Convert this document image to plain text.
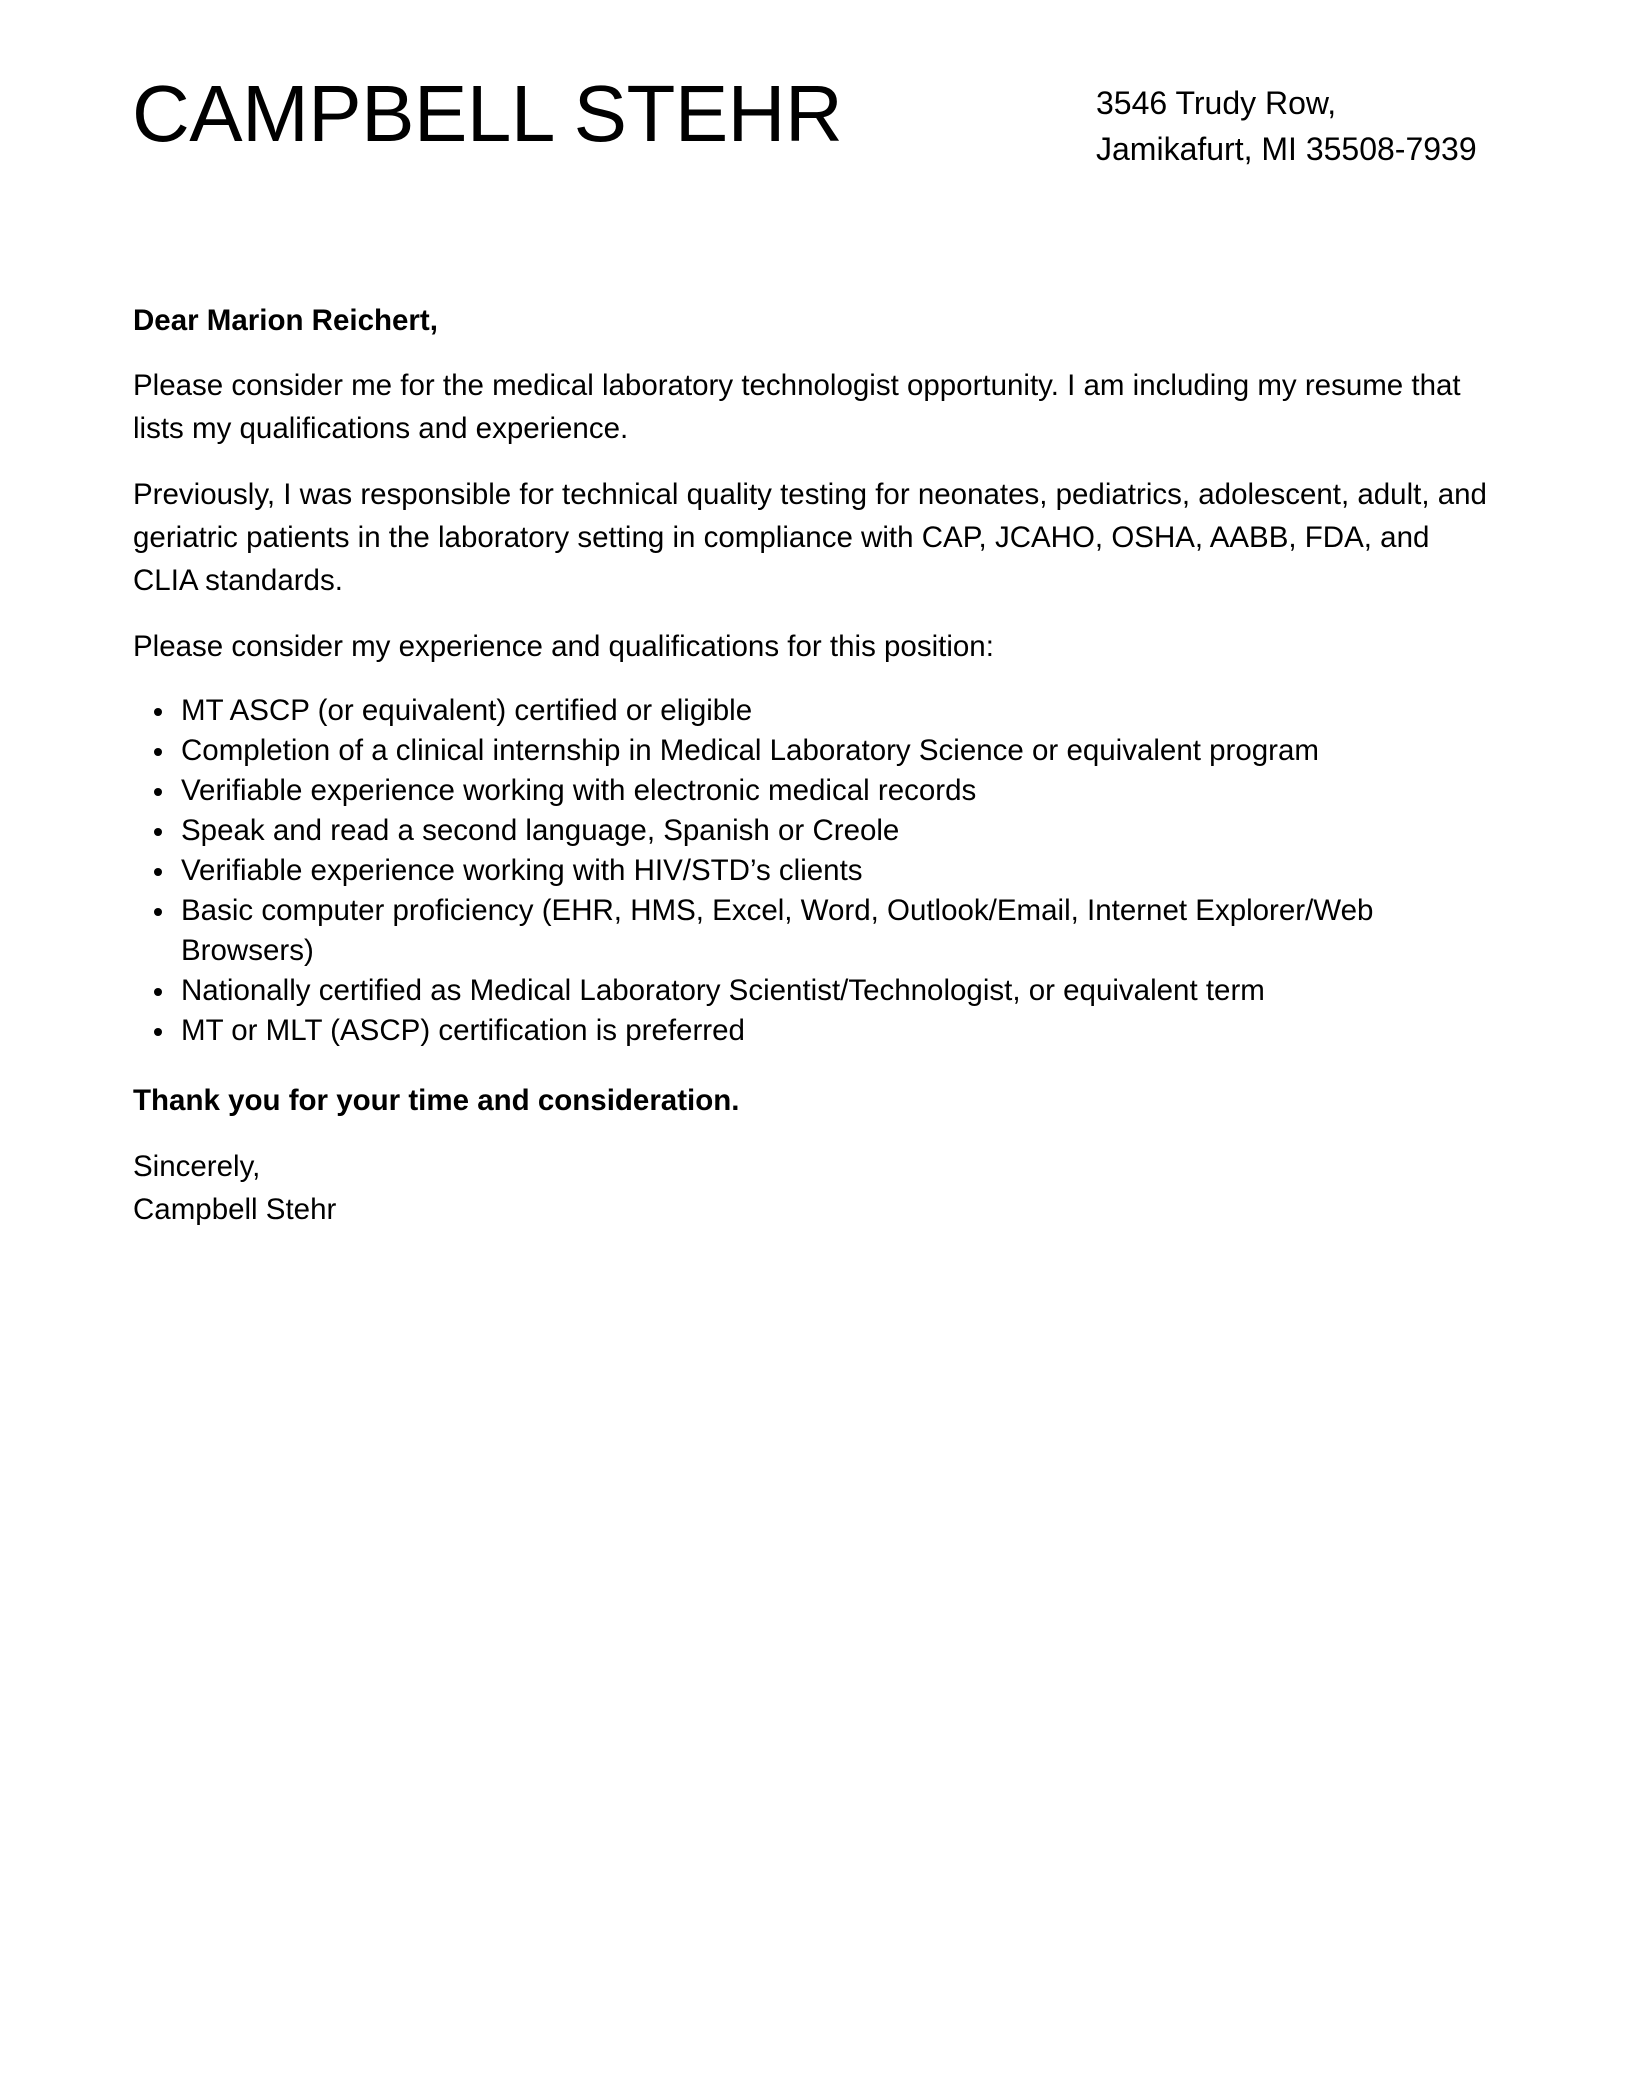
CAMPBELL STEHR	3546 Trudy Row,
Jamikafurt, MI 35508-7939

Dear Marion Reichert,

Please consider me for the medical laboratory technologist opportunity. I am including my resume that lists my qualifications and experience.

Previously, I was responsible for technical quality testing for neonates, pediatrics, adolescent, adult, and geriatric patients in the laboratory setting in compliance with CAP, JCAHO, OSHA, AABB, FDA, and CLIA standards.

Please consider my experience and qualifications for this position:

MT ASCP (or equivalent) certified or eligible
Completion of a clinical internship in Medical Laboratory Science or equivalent program
Verifiable experience working with electronic medical records
Speak and read a second language, Spanish or Creole
Verifiable experience working with HIV/STD’s clients
Basic computer proficiency (EHR, HMS, Excel, Word, Outlook/Email, Internet Explorer/Web Browsers)
Nationally certified as Medical Laboratory Scientist/Technologist, or equivalent term
MT or MLT (ASCP) certification is preferred

Thank you for your time and consideration.

Sincerely,
Campbell Stehr
